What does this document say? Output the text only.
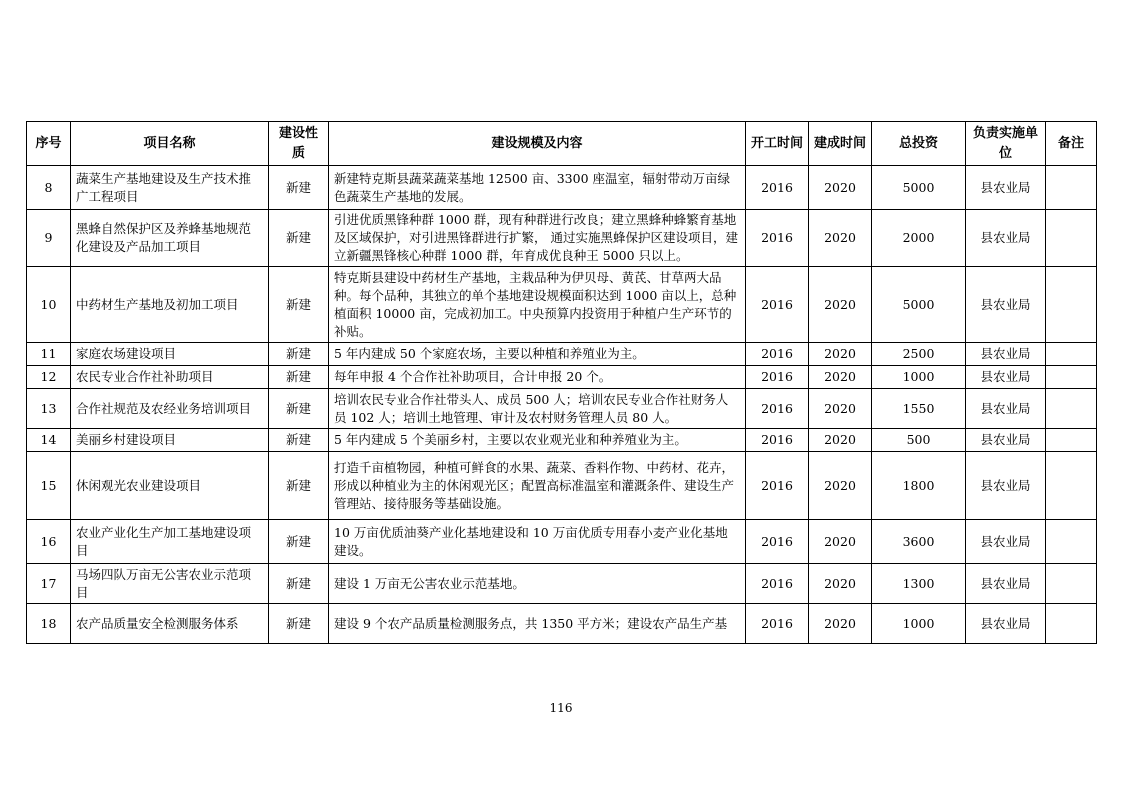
序号	项目名称	建设性质	建设规模及内容	开工时间	建成时间	总投资	负责实施单位	备注
8	蔬菜生产基地建设及生产技术推广工程项目	新建	新建特克斯县蔬菜蔬菜基地 12500 亩、3300 座温室，辐射带动万亩绿色蔬菜生产基地的发展。	2016	2020	5000	县农业局	
9	黑蜂自然保护区及养蜂基地规范化建设及产品加工项目	新建	引进优质黑锋种群 1000 群，现有种群进行改良；建立黑蜂种蜂繁育基地及区域保护，对引进黑锋群进行扩繁， 通过实施黑蜂保护区建设项目，建立新疆黑锋核心种群 1000 群，年育成优良种王 5000 只以上。	2016	2020	2000	县农业局	
10	中药材生产基地及初加工项目	新建	特克斯县建设中药材生产基地，主栽品种为伊贝母、黄芪、甘草两大品种。每个品种，其独立的单个基地建设规模面积达到 1000 亩以上，总种植面积 10000 亩，完成初加工。中央预算内投资用于种植户生产环节的补贴。	2016	2020	5000	县农业局	
11	家庭农场建设项目	新建	5 年内建成 50 个家庭农场，主要以种植和养殖业为主。	2016	2020	2500	县农业局	
12	农民专业合作社补助项目	新建	每年申报 4 个合作社补助项目，合计申报 20 个。	2016	2020	1000	县农业局	
13	合作社规范及农经业务培训项目	新建	培训农民专业合作社带头人、成员 500 人；培训农民专业合作社财务人员 102 人；培训土地管理、审计及农村财务管理人员 80 人。	2016	2020	1550	县农业局	
14	美丽乡村建设项目	新建	5 年内建成 5 个美丽乡村，主要以农业观光业和种养殖业为主。	2016	2020	500	县农业局	
15	休闲观光农业建设项目	新建	打造千亩植物园，种植可鲜食的水果、蔬菜、香料作物、中药材、花卉，形成以种植业为主的休闲观光区；配置高标准温室和灌溉条件、建设生产管理站、接待服务等基础设施。	2016	2020	1800	县农业局	
16	农业产业化生产加工基地建设项目	新建	10 万亩优质油葵产业化基地建设和 10 万亩优质专用春小麦产业化基地建设。	2016	2020	3600	县农业局	
17	马场四队万亩无公害农业示范项目	新建	建设 1 万亩无公害农业示范基地。	2016	2020	1300	县农业局	
18	农产品质量安全检测服务体系	新建	建设 9 个农产品质量检测服务点，共 1350 平方米；建设农产品生产基	2016	2020	1000	县农业局	
116
